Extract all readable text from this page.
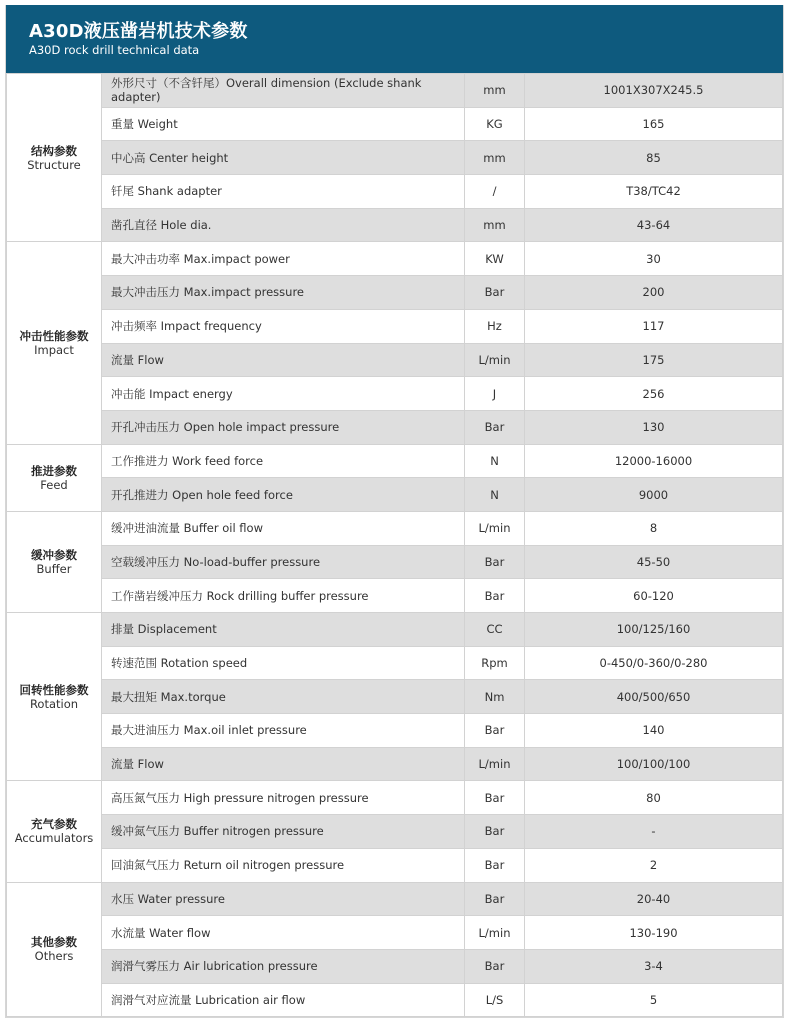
A30D液压凿岩机技术参数
A30D rock drill technical data
结构参数
Structure	外形尺寸（不含钎尾）Overall dimension (Exclude shank adapter)	mm	1001X307X245.5
	重量 Weight	KG	165
	中心高 Center height	mm	85
	钎尾 Shank adapter	/	T38/TC42
	凿孔直径 Hole dia.	mm	43-64

冲击性能参数
Impact	最大冲击功率 Max.impact power	KW	30
	最大冲击压力 Max.impact pressure	Bar	200
	冲击频率 Impact frequency	Hz	117
	流量 Flow	L/min	175
	冲击能 Impact energy	J	256
	开孔冲击压力 Open hole impact pressure	Bar	130

推进参数
Feed	工作推进力 Work feed force	N	12000-16000
	开孔推进力 Open hole feed force	N	9000

缓冲参数
Buffer	缓冲进油流量 Buffer oil flow	L/min	8
	空载缓冲压力 No-load-buffer pressure	Bar	45-50
	工作凿岩缓冲压力 Rock drilling buffer pressure	Bar	60-120

回转性能参数
Rotation	排量 Displacement	CC	100/125/160
	转速范围 Rotation speed	Rpm	0-450/0-360/0-280
	最大扭矩 Max.torque	Nm	400/500/650
	最大进油压力 Max.oil inlet pressure	Bar	140
	流量 Flow	L/min	100/100/100

充气参数
Accumulators	高压氮气压力 High pressure nitrogen pressure	Bar	80
	缓冲氮气压力 Buffer nitrogen pressure	Bar	-
	回油氮气压力 Return oil nitrogen pressure	Bar	2

其他参数
Others	水压 Water pressure	Bar	20-40
	水流量 Water flow	L/min	130-190
	润滑气雾压力 Air lubrication pressure	Bar	3-4
	润滑气对应流量 Lubrication air flow	L/S	5
